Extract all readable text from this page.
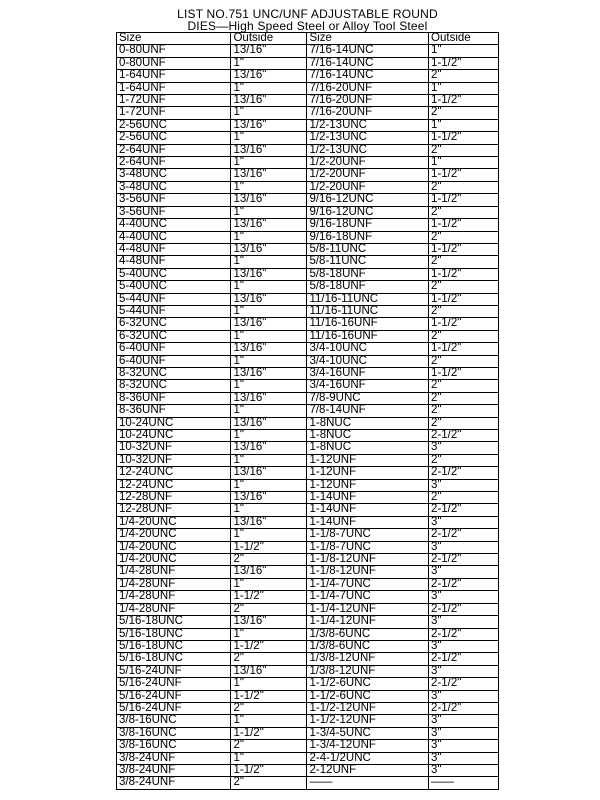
LIST NO.751 UNC/UNF ADJUSTABLE ROUND
DIES—High Speed Steel or Alloy Tool Steel
Size	Outside	Size	Outside
0-80UNF	13/16"	7/16-14UNC	1"
0-80UNF	1"	7/16-14UNC	1-1/2"
1-64UNF	13/16"	7/16-14UNC	2"
1-64UNF	1"	7/16-20UNF	1"
1-72UNF	13/16"	7/16-20UNF	1-1/2"
1-72UNF	1"	7/16-20UNF	2"
2-56UNC	13/16"	1/2-13UNC	1"
2-56UNC	1"	1/2-13UNC	1-1/2"
2-64UNF	13/16"	1/2-13UNC	2"
2-64UNF	1"	1/2-20UNF	1"
3-48UNC	13/16"	1/2-20UNF	1-1/2"
3-48UNC	1"	1/2-20UNF	2"
3-56UNF	13/16"	9/16-12UNC	1-1/2"
3-56UNF	1"	9/16-12UNC	2"
4-40UNC	13/16"	9/16-18UNF	1-1/2"
4-40UNC	1"	9/16-18UNF	2"
4-48UNF	13/16"	5/8-11UNC	1-1/2"
4-48UNF	1"	5/8-11UNC	2"
5-40UNC	13/16"	5/8-18UNF	1-1/2"
5-40UNC	1"	5/8-18UNF	2"
5-44UNF	13/16"	11/16-11UNC	1-1/2"
5-44UNF	1"	11/16-11UNC	2"
6-32UNC	13/16"	11/16-16UNF	1-1/2"
6-32UNC	1"	11/16-16UNF	2"
6-40UNF	13/16"	3/4-10UNC	1-1/2"
6-40UNF	1"	3/4-10UNC	2"
8-32UNC	13/16"	3/4-16UNF	1-1/2"
8-32UNC	1"	3/4-16UNF	2"
8-36UNF	13/16"	7/8-9UNC	2"
8-36UNF	1"	7/8-14UNF	2"
10-24UNC	13/16"	1-8NUC	2"
10-24UNC	1"	1-8NUC	2-1/2"
10-32UNF	13/16"	1-8NUC	3"
10-32UNF	1"	1-12UNF	2"
12-24UNC	13/16"	1-12UNF	2-1/2"
12-24UNC	1"	1-12UNF	3"
12-28UNF	13/16"	1-14UNF	2"
12-28UNF	1"	1-14UNF	2-1/2"
1/4-20UNC	13/16"	1-14UNF	3"
1/4-20UNC	1"	1-1/8-7UNC	2-1/2"
1/4-20UNC	1-1/2"	1-1/8-7UNC	3"
1/4-20UNC	2"	1-1/8-12UNF	2-1/2"
1/4-28UNF	13/16"	1-1/8-12UNF	3"
1/4-28UNF	1"	1-1/4-7UNC	2-1/2"
1/4-28UNF	1-1/2"	1-1/4-7UNC	3"
1/4-28UNF	2"	1-1/4-12UNF	2-1/2"
5/16-18UNC	13/16"	1-1/4-12UNF	3"
5/16-18UNC	1"	1/3/8-6UNC	2-1/2"
5/16-18UNC	1-1/2"	1/3/8-6UNC	3"
5/16-18UNC	2"	1/3/8-12UNF	2-1/2"
5/16-24UNF	13/16"	1/3/8-12UNF	3"
5/16-24UNF	1"	1-1/2-6UNC	2-1/2"
5/16-24UNF	1-1/2"	1-1/2-6UNC	3"
5/16-24UNF	2"	1-1/2-12UNF	2-1/2"
3/8-16UNC	1"	1-1/2-12UNF	3"
3/8-16UNC	1-1/2"	1-3/4-5UNC	3"
3/8-16UNC	2"	1-3/4-12UNF	3"
3/8-24UNF	1"	2-4-1/2UNC	3"
3/8-24UNF	1-1/2"	2-12UNF	3"
3/8-24UNF	2"	——	——
